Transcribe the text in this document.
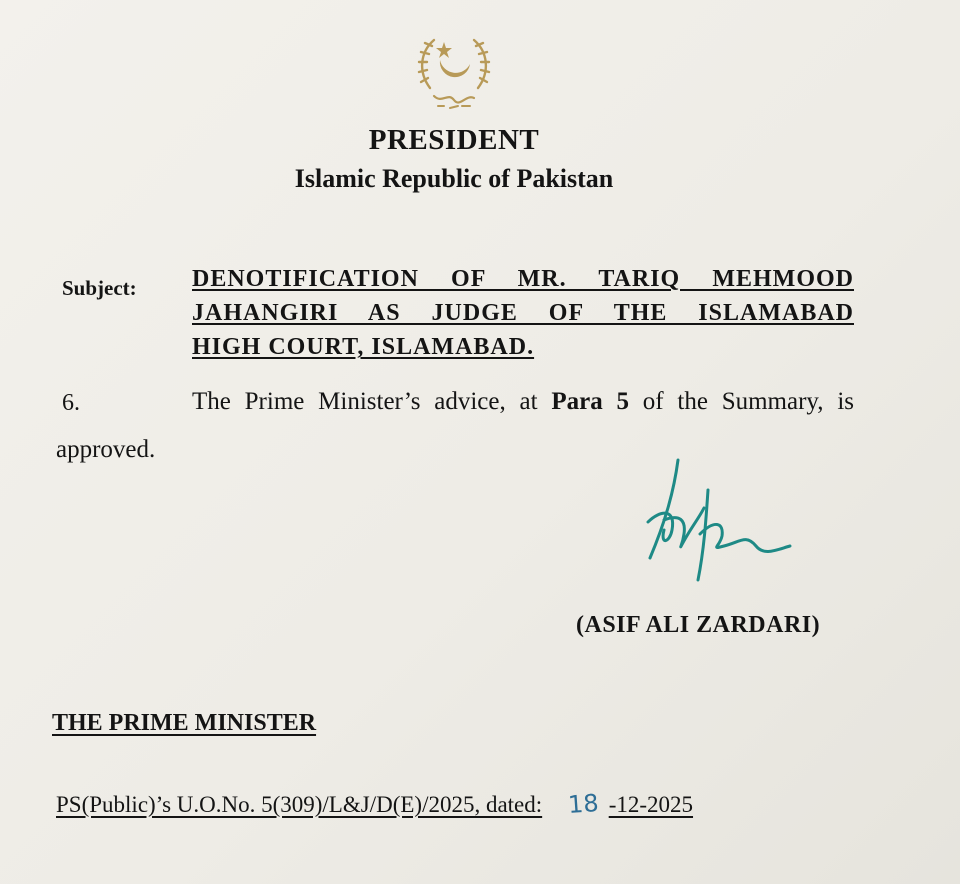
PRESIDENT
Islamic Republic of Pakistan
Subject: DENOTIFICATION OF MR. TARIQ MEHMOOD
JAHANGIRI AS JUDGE OF THE ISLAMABAD
HIGH COURT, ISLAMABAD.
6.	The Prime Minister’s advice, at Para 5 of the Summary, is
approved.
(ASIF ALI ZARDARI)
THE PRIME MINISTER
PS(Public)’s U.O.No. 5(309)/L&J/D(E)/2025, dated: 18 -12-2025
